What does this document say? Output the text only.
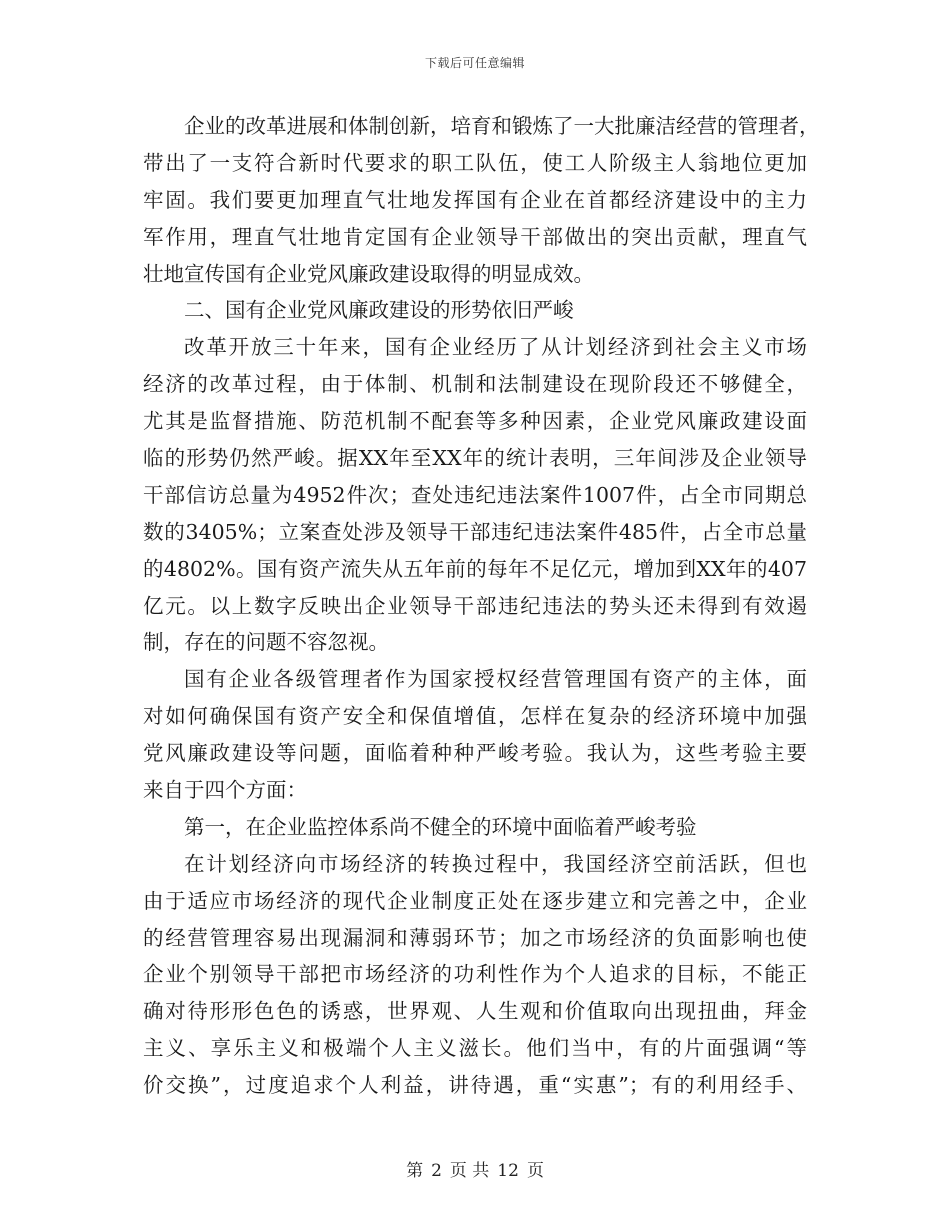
下载后可任意编辑
企业的改革进展和体制创新，培育和锻炼了一大批廉洁经营的管理者，
带出了一支符合新时代要求的职工队伍，使工人阶级主人翁地位更加
牢固。我们要更加理直气壮地发挥国有企业在首都经济建设中的主力
军作用，理直气壮地肯定国有企业领导干部做出的突出贡献，理直气
壮地宣传国有企业党风廉政建设取得的明显成效。
二、国有企业党风廉政建设的形势依旧严峻
改革开放三十年来，国有企业经历了从计划经济到社会主义市场
经济的改革过程，由于体制、机制和法制建设在现阶段还不够健全，
尤其是监督措施、防范机制不配套等多种因素，企业党风廉政建设面
临的形势仍然严峻。据XX年至XX年的统计表明，三年间涉及企业领导
干部信访总量为4952件次；查处违纪违法案件1007件，占全市同期总
数的3405%；立案查处涉及领导干部违纪违法案件485件，占全市总量
的4802%。国有资产流失从五年前的每年不足亿元，增加到XX年的407
亿元。以上数字反映出企业领导干部违纪违法的势头还未得到有效遏
制，存在的问题不容忽视。
国有企业各级管理者作为国家授权经营管理国有资产的主体，面
对如何确保国有资产安全和保值增值，怎样在复杂的经济环境中加强
党风廉政建设等问题，面临着种种严峻考验。我认为，这些考验主要
来自于四个方面：
第一，在企业监控体系尚不健全的环境中面临着严峻考验
在计划经济向市场经济的转换过程中，我国经济空前活跃，但也
由于适应市场经济的现代企业制度正处在逐步建立和完善之中，企业
的经营管理容易出现漏洞和薄弱环节；加之市场经济的负面影响也使
企业个别领导干部把市场经济的功利性作为个人追求的目标，不能正
确对待形形色色的诱惑，世界观、人生观和价值取向出现扭曲，拜金
主义、享乐主义和极端个人主义滋长。他们当中，有的片面强调“等
价交换”，过度追求个人利益，讲待遇，重“实惠”；有的利用经手、
第 2 页 共 12 页
